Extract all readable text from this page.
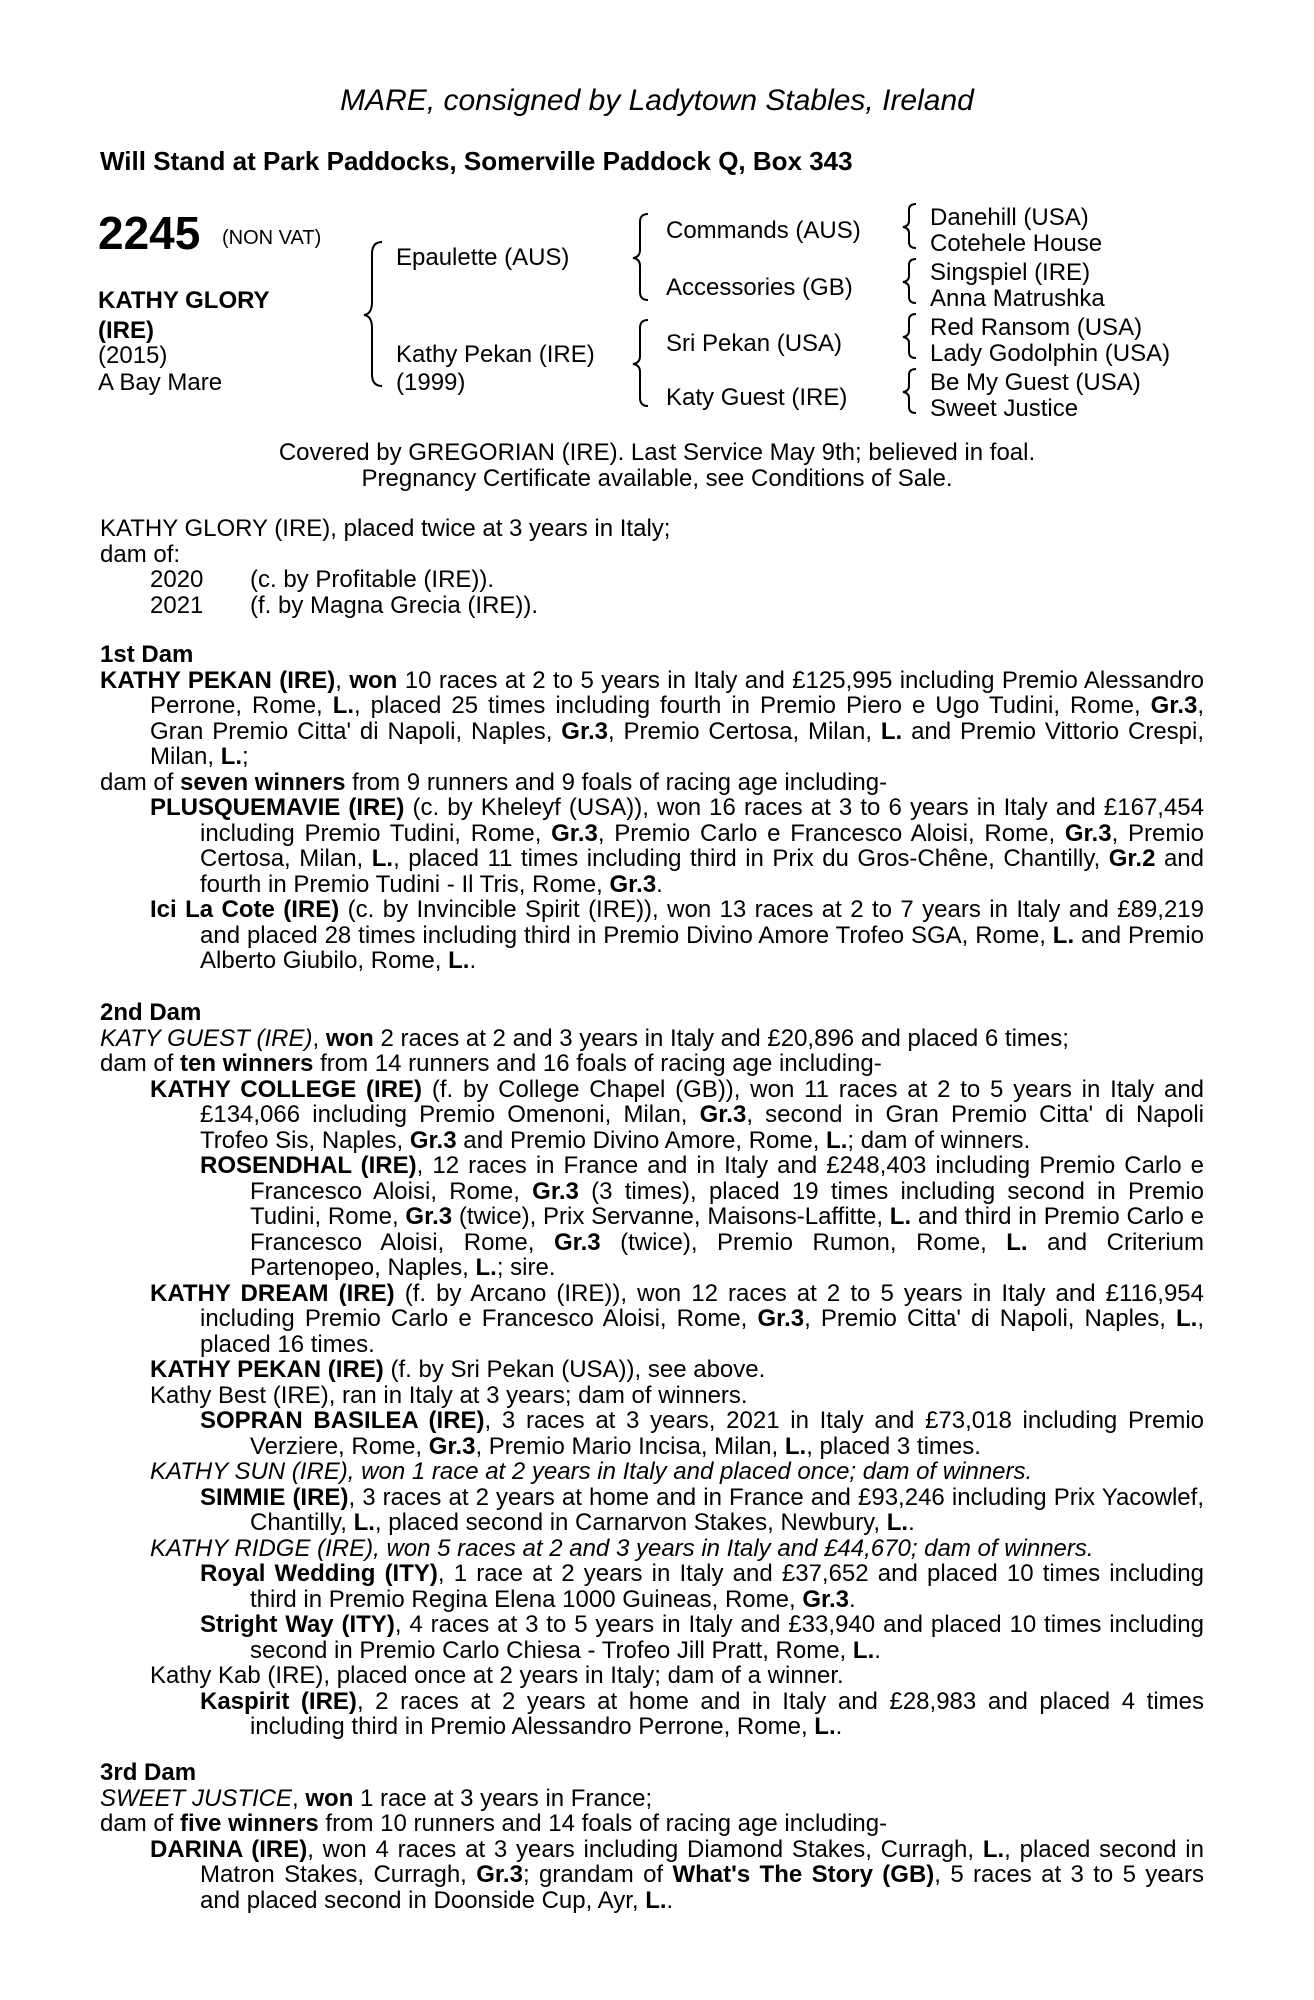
MARE, consigned by Ladytown Stables, Ireland
Will Stand at Park Paddocks, Somerville Paddock Q, Box 343
2245 (NON VAT)
KATHY GLORY
(IRE)
(2015)
A Bay Mare
Epaulette (AUS)
Kathy Pekan (IRE)
(1999)
Commands (AUS)
Accessories (GB)
Sri Pekan (USA)
Katy Guest (IRE)
Danehill (USA)
Cotehele House
Singspiel (IRE)
Anna Matrushka
Red Ransom (USA)
Lady Godolphin (USA)
Be My Guest (USA)
Sweet Justice
Covered by GREGORIAN (IRE). Last Service May 9th; believed in foal.
Pregnancy Certificate available, see Conditions of Sale.
KATHY GLORY (IRE), placed twice at 3 years in Italy;
dam of:
2020 (c. by Profitable (IRE)).
2021 (f. by Magna Grecia (IRE)).
1st Dam
KATHY PEKAN (IRE), won 10 races at 2 to 5 years in Italy and £125,995 including Premio Alessandro Perrone, Rome, L., placed 25 times including fourth in Premio Piero e Ugo Tudini, Rome, Gr.3, Gran Premio Citta' di Napoli, Naples, Gr.3, Premio Certosa, Milan, L. and Premio Vittorio Crespi, Milan, L.;
dam of seven winners from 9 runners and 9 foals of racing age including-
PLUSQUEMAVIE (IRE) (c. by Kheleyf (USA)), won 16 races at 3 to 6 years in Italy and £167,454 including Premio Tudini, Rome, Gr.3, Premio Carlo e Francesco Aloisi, Rome, Gr.3, Premio Certosa, Milan, L., placed 11 times including third in Prix du Gros-Chêne, Chantilly, Gr.2 and fourth in Premio Tudini - Il Tris, Rome, Gr.3.
Ici La Cote (IRE) (c. by Invincible Spirit (IRE)), won 13 races at 2 to 7 years in Italy and £89,219 and placed 28 times including third in Premio Divino Amore Trofeo SGA, Rome, L. and Premio Alberto Giubilo, Rome, L..
2nd Dam
KATY GUEST (IRE), won 2 races at 2 and 3 years in Italy and £20,896 and placed 6 times;
dam of ten winners from 14 runners and 16 foals of racing age including-
KATHY COLLEGE (IRE) (f. by College Chapel (GB)), won 11 races at 2 to 5 years in Italy and £134,066 including Premio Omenoni, Milan, Gr.3, second in Gran Premio Citta' di Napoli Trofeo Sis, Naples, Gr.3 and Premio Divino Amore, Rome, L.; dam of winners.
ROSENDHAL (IRE), 12 races in France and in Italy and £248,403 including Premio Carlo e Francesco Aloisi, Rome, Gr.3 (3 times), placed 19 times including second in Premio Tudini, Rome, Gr.3 (twice), Prix Servanne, Maisons-Laffitte, L. and third in Premio Carlo e Francesco Aloisi, Rome, Gr.3 (twice), Premio Rumon, Rome, L. and Criterium Partenopeo, Naples, L.; sire.
KATHY DREAM (IRE) (f. by Arcano (IRE)), won 12 races at 2 to 5 years in Italy and £116,954 including Premio Carlo e Francesco Aloisi, Rome, Gr.3, Premio Citta' di Napoli, Naples, L., placed 16 times.
KATHY PEKAN (IRE) (f. by Sri Pekan (USA)), see above.
Kathy Best (IRE), ran in Italy at 3 years; dam of winners.
SOPRAN BASILEA (IRE), 3 races at 3 years, 2021 in Italy and £73,018 including Premio Verziere, Rome, Gr.3, Premio Mario Incisa, Milan, L., placed 3 times.
KATHY SUN (IRE), won 1 race at 2 years in Italy and placed once; dam of winners.
SIMMIE (IRE), 3 races at 2 years at home and in France and £93,246 including Prix Yacowlef, Chantilly, L., placed second in Carnarvon Stakes, Newbury, L..
KATHY RIDGE (IRE), won 5 races at 2 and 3 years in Italy and £44,670; dam of winners.
Royal Wedding (ITY), 1 race at 2 years in Italy and £37,652 and placed 10 times including third in Premio Regina Elena 1000 Guineas, Rome, Gr.3.
Stright Way (ITY), 4 races at 3 to 5 years in Italy and £33,940 and placed 10 times including second in Premio Carlo Chiesa - Trofeo Jill Pratt, Rome, L..
Kathy Kab (IRE), placed once at 2 years in Italy; dam of a winner.
Kaspirit (IRE), 2 races at 2 years at home and in Italy and £28,983 and placed 4 times including third in Premio Alessandro Perrone, Rome, L..
3rd Dam
SWEET JUSTICE, won 1 race at 3 years in France;
dam of five winners from 10 runners and 14 foals of racing age including-
DARINA (IRE), won 4 races at 3 years including Diamond Stakes, Curragh, L., placed second in Matron Stakes, Curragh, Gr.3; grandam of What's The Story (GB), 5 races at 3 to 5 years and placed second in Doonside Cup, Ayr, L..
